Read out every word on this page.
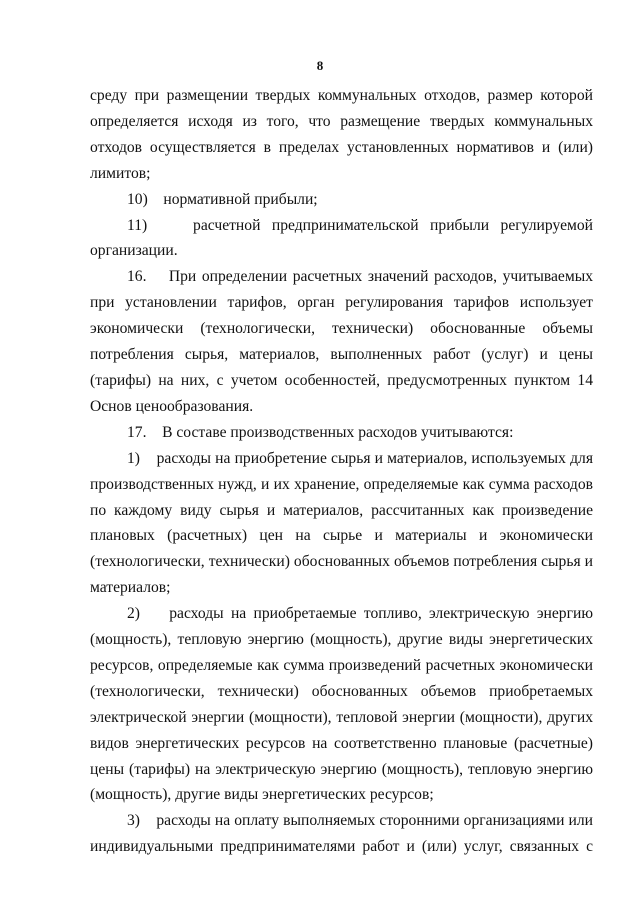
8

среду при размещении твердых коммунальных отходов, размер которой определяется исходя из того, что размещение твердых коммунальных отходов осуществляется в пределах установленных нормативов и (или) лимитов;

10)    нормативной прибыли;

11)    расчетной предпринимательской прибыли регулируемой организации.

16.    При определении расчетных значений расходов, учитываемых при установлении тарифов, орган регулирования тарифов использует экономически (технологически, технически) обоснованные объемы потребления сырья, материалов, выполненных работ (услуг) и цены (тарифы) на них, с учетом особенностей, предусмотренных пунктом 14 Основ ценообразования.

17.    В составе производственных расходов учитываются:

1)    расходы на приобретение сырья и материалов, используемых для производственных нужд, и их хранение, определяемые как сумма расходов по каждому виду сырья и материалов, рассчитанных как произведение плановых (расчетных) цен на сырье и материалы и экономически (технологически, технически) обоснованных объемов потребления сырья и материалов;

2)    расходы на приобретаемые топливо, электрическую энергию (мощность), тепловую энергию (мощность), другие виды энергетических ресурсов, определяемые как сумма произведений расчетных экономически (технологически, технически) обоснованных объемов приобретаемых электрической энергии (мощности), тепловой энергии (мощности), других видов энергетических ресурсов на соответственно плановые (расчетные) цены (тарифы) на электрическую энергию (мощность), тепловую энергию (мощность), другие виды энергетических ресурсов;

3)    расходы на оплату выполняемых сторонними организациями или индивидуальными предпринимателями работ и (или) услуг, связанных с
